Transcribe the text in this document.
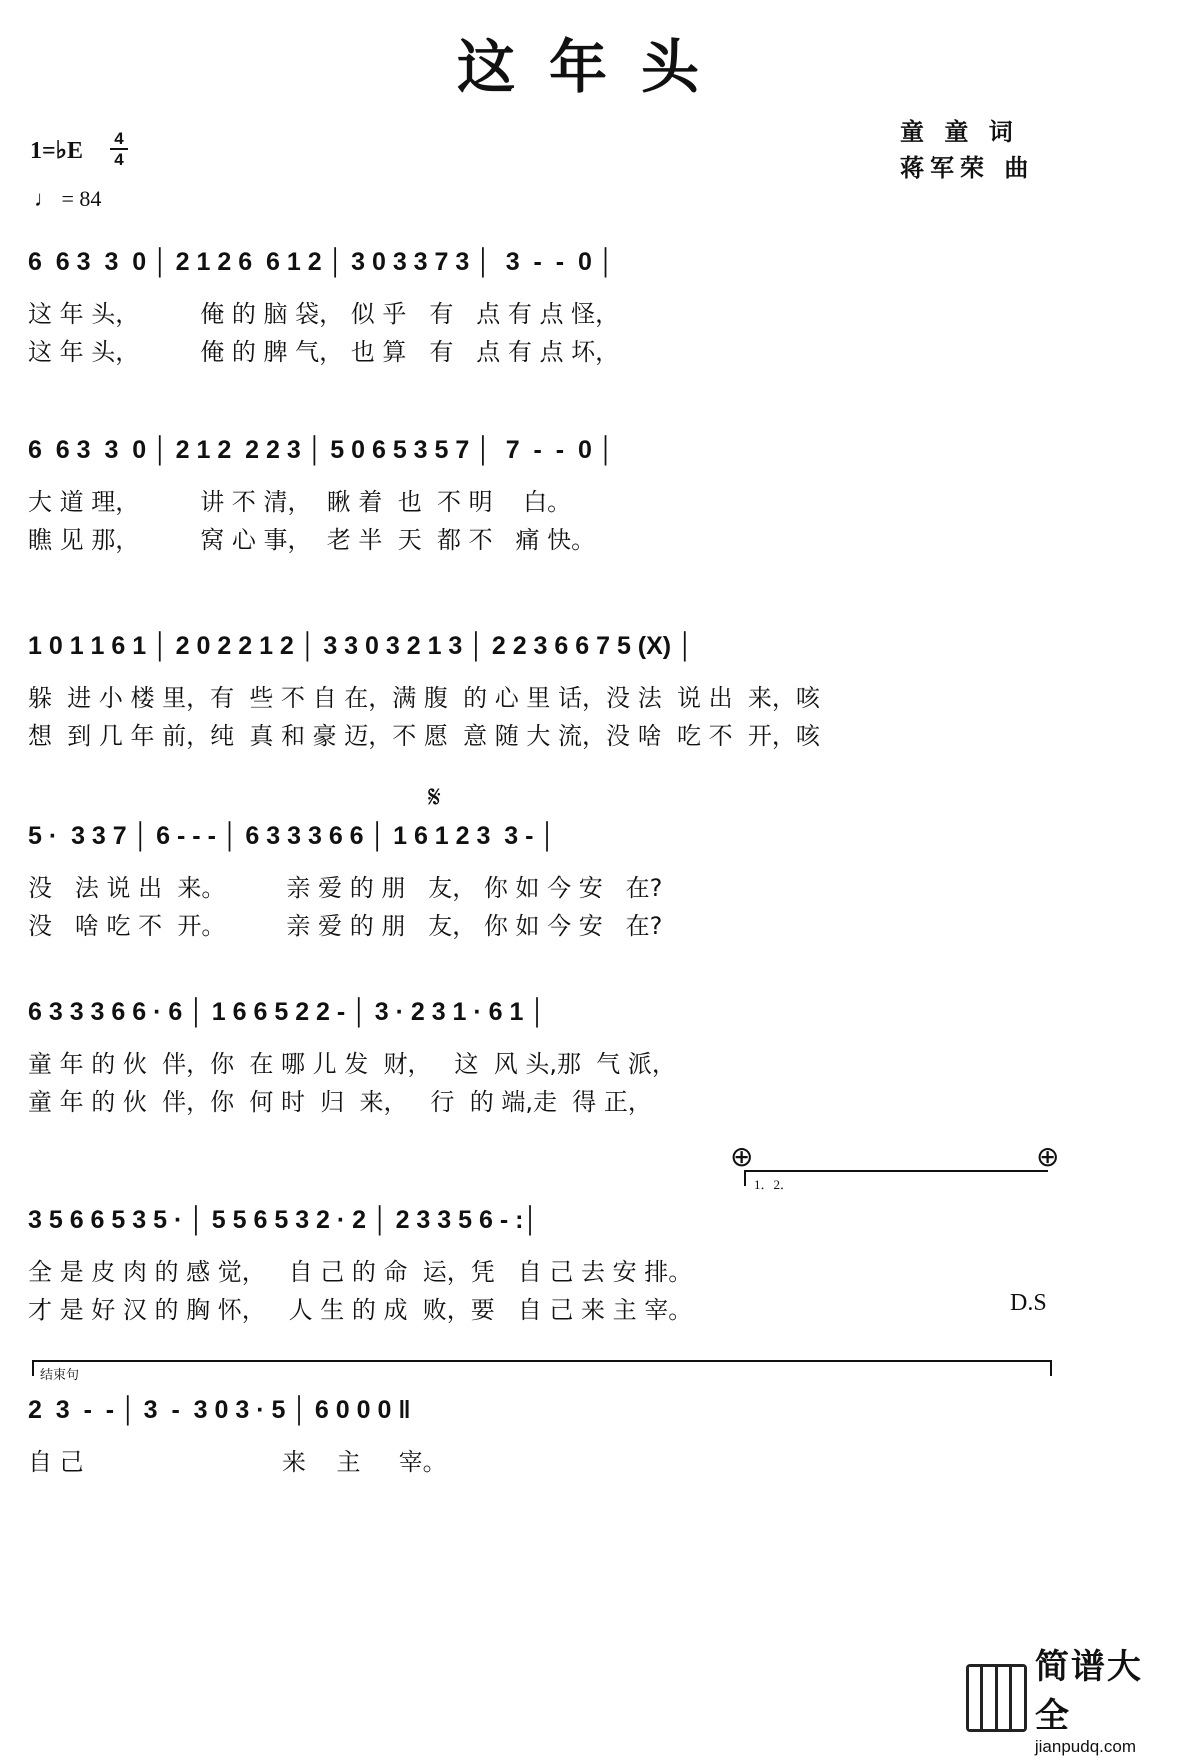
这年头
童 童 词
蒋军荣 曲
1=♭E 4
4
♩ = 84
6  6 3  3  0 │ 2 1 2 6  6 1 2 │ 3 0 3 3 7 3 │  3  -  -  0 │
这 年 头，        俺 的 脑 袋， 似 乎   有   点 有 点 怪，
这 年 头，        俺 的 脾 气， 也 算   有   点 有 点 坏，
6  6 3  3  0 │ 2 1 2  2 2 3 │ 5 0 6 5 3 5 7 │  7  -  -  0 │
大 道 理，        讲 不 清，  瞅 着  也  不 明    白。
瞧 见 那，        窝 心 事，  老 半  天  都 不   痛 快。
1 0 1 1 6 1 │ 2 0 2 2 1 2 │ 3 3 0 3 2 1 3 │ 2 2 3 6 6 7 5 (X) │
躲  进 小 楼 里，有  些 不 自 在，满 腹  的 心 里 话，没 法  说 出  来，咳
想  到 几 年 前，纯  真 和 豪 迈，不 愿  意 随 大 流，没 啥  吃 不  开，咳
𝄋
5 ·  3 3 7 │ 6 - - - │ 6 3 3 3 6 6 │ 1 6 1 2 3  3 - │
没   法 说 出  来。        亲 爱 的 朋   友， 你 如 今 安   在?
没   啥 吃 不  开。        亲 爱 的 朋   友， 你 如 今 安   在?
6 3 3 3 6 6 · 6 │ 1 6 6 5 2 2 - │ 3 · 2 3 1 · 6 1 │
童 年 的 伙  伴，你  在 哪 儿 发  财，   这  风 头,那  气 派，
童 年 的 伙  伴，你  何 时  归  来，   行  的 端,走  得 正，
⊕	⊕
1．2．
3 5 6 6 5 3 5 · │ 5 5 6 5 3 2 · 2 │ 2 3 3 5 6 - :│
全 是 皮 肉 的 感 觉，   自 己 的 命  运，凭   自 己 去 安 排。
才 是 好 汉 的 胸 怀，   人 生 的 成  败，要   自 己 来 主 宰。	D.S
结束句
2  3  -  - │ 3  -  3 0 3 · 5 │ 6 0 0 0 ‖
自 己                          来    主     宰。
简谱大全
jianpudq.com
